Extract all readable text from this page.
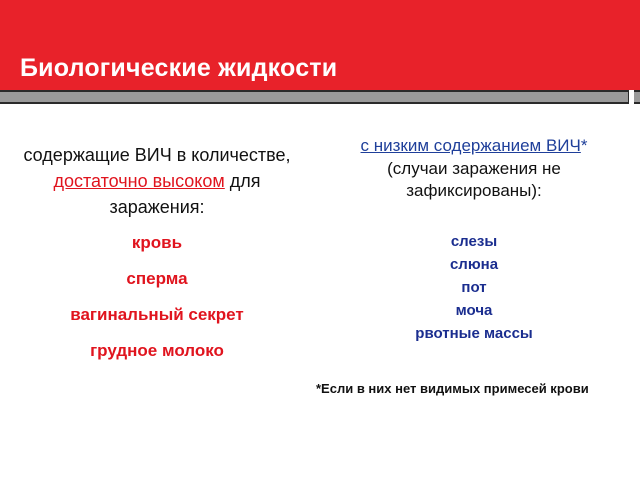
Биологические жидкости
содержащие ВИЧ в количестве, достаточно высоком для заражения:
кровь
сперма
вагинальный секрет
грудное молоко
с низким содержанием ВИЧ*
(случаи заражения не зафиксированы):
слезы
слюна
пот
моча
рвотные массы
*Если в них нет видимых примесей крови
